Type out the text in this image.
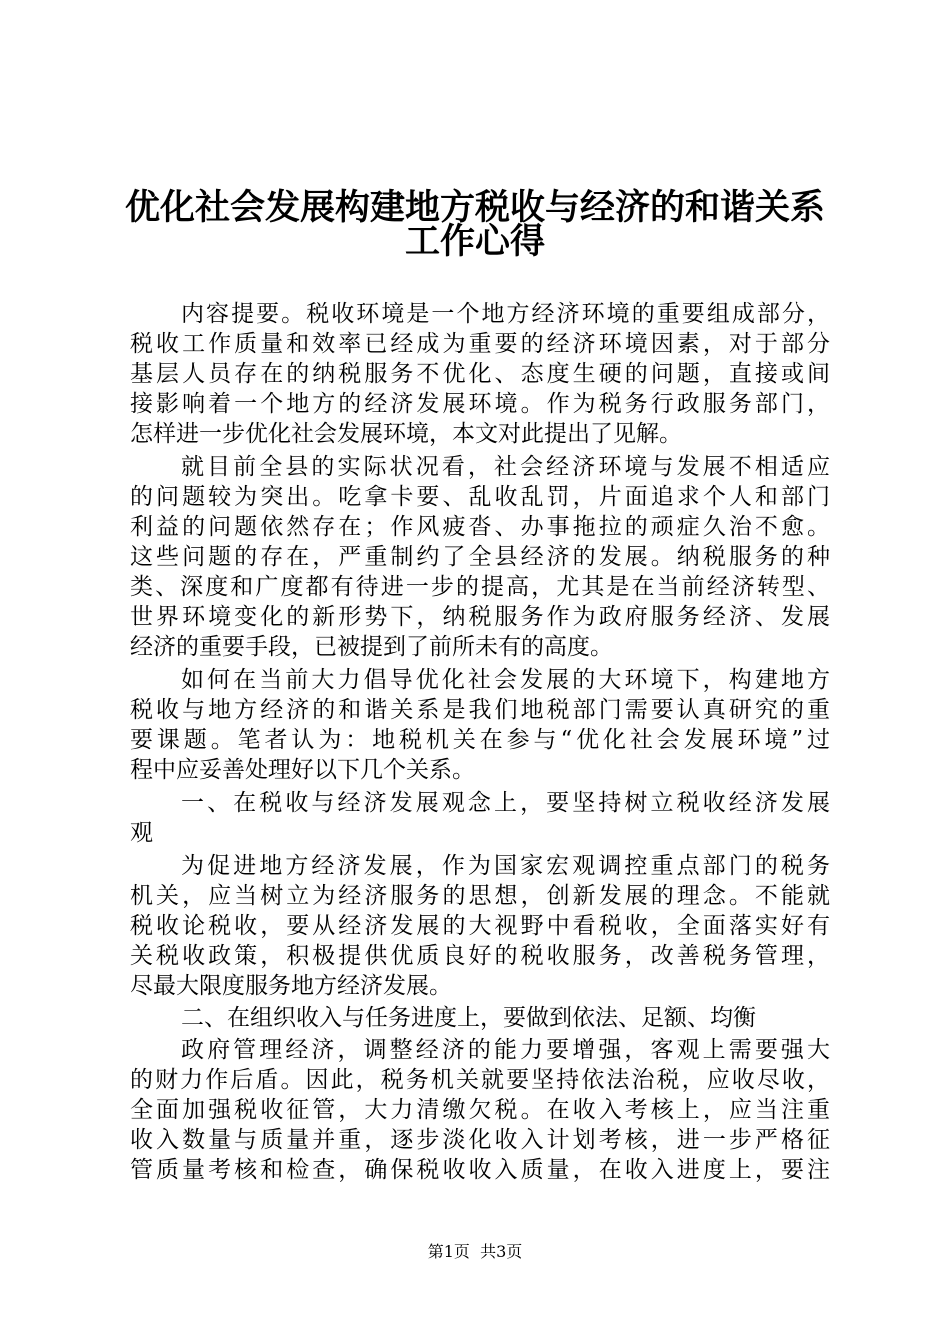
优化社会发展构建地方税收与经济的和谐关系
工作心得
内容提要。税收环境是一个地方经济环境的重要组成部分，
税收工作质量和效率已经成为重要的经济环境因素，对于部分
基层人员存在的纳税服务不优化、态度生硬的问题，直接或间
接影响着一个地方的经济发展环境。作为税务行政服务部门，
怎样进一步优化社会发展环境，本文对此提出了见解。
就目前全县的实际状况看，社会经济环境与发展不相适应
的问题较为突出。吃拿卡要、乱收乱罚，片面追求个人和部门
利益的问题依然存在；作风疲沓、办事拖拉的顽症久治不愈。
这些问题的存在，严重制约了全县经济的发展。纳税服务的种
类、深度和广度都有待进一步的提高，尤其是在当前经济转型、
世界环境变化的新形势下，纳税服务作为政府服务经济、发展
经济的重要手段，已被提到了前所未有的高度。
如何在当前大力倡导优化社会发展的大环境下，构建地方
税收与地方经济的和谐关系是我们地税部门需要认真研究的重
要课题。笔者认为：地税机关在参与“优化社会发展环境”过
程中应妥善处理好以下几个关系。
一、在税收与经济发展观念上，要坚持树立税收经济发展
观
为促进地方经济发展，作为国家宏观调控重点部门的税务
机关，应当树立为经济服务的思想，创新发展的理念。不能就
税收论税收，要从经济发展的大视野中看税收，全面落实好有
关税收政策，积极提供优质良好的税收服务，改善税务管理，
尽最大限度服务地方经济发展。
二、在组织收入与任务进度上，要做到依法、足额、均衡
政府管理经济，调整经济的能力要增强，客观上需要强大
的财力作后盾。因此，税务机关就要坚持依法治税，应收尽收，
全面加强税收征管，大力清缴欠税。在收入考核上，应当注重
收入数量与质量并重，逐步淡化收入计划考核，进一步严格征
管质量考核和检查，确保税收收入质量，在收入进度上，要注
第1页  共3页
